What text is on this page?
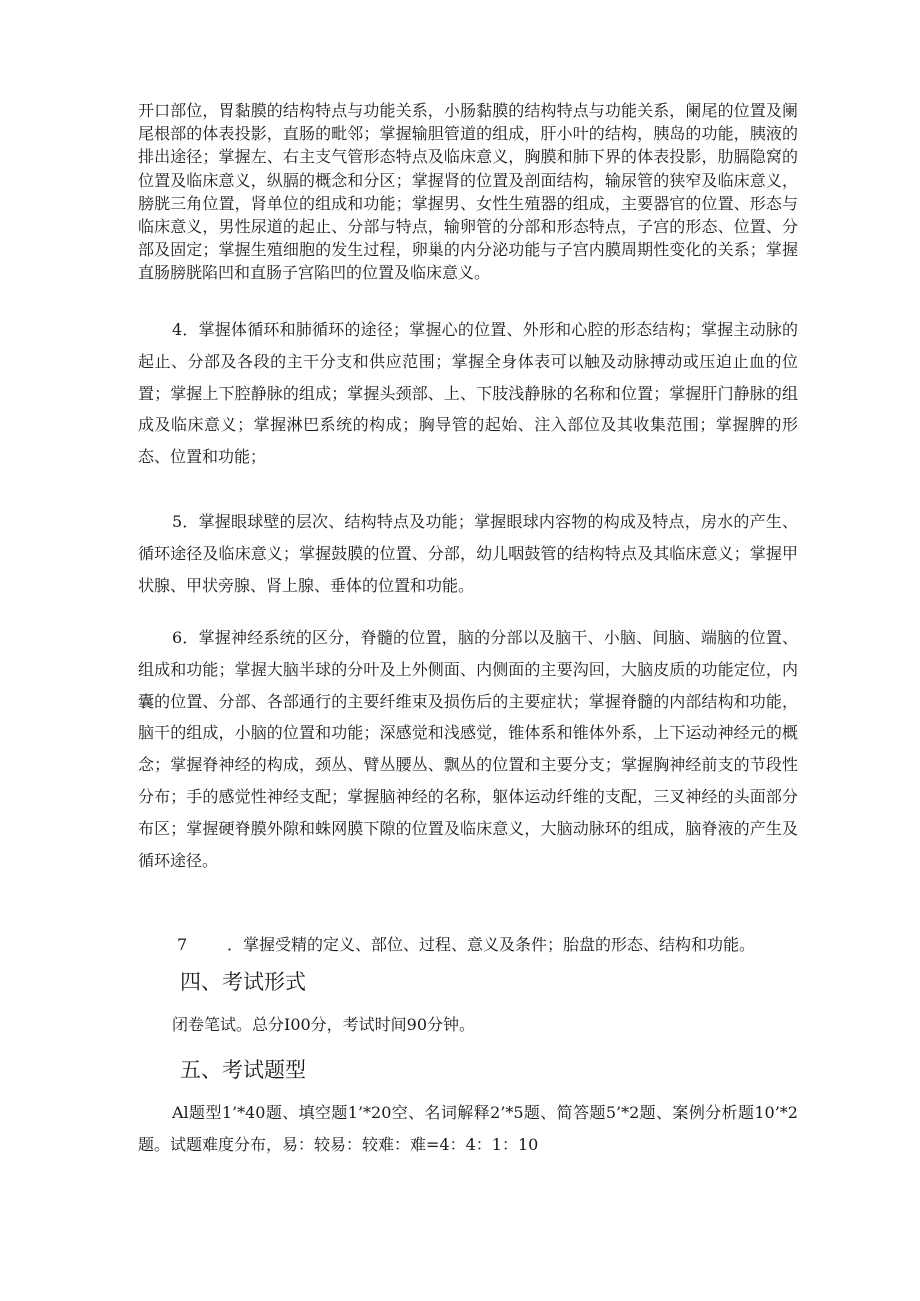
开口部位，胃黏膜的结构特点与功能关系，小肠黏膜的结构特点与功能关系，阑尾的位置及阑尾根部的体表投影，直肠的毗邻；掌握输胆管道的组成，肝小叶的结构，胰岛的功能，胰液的排出途径；掌握左、右主支气管形态特点及临床意义，胸膜和肺下界的体表投影，肋膈隐窝的位置及临床意义，纵膈的概念和分区；掌握肾的位置及剖面结构，输尿管的狭窄及临床意义，膀胱三角位置，肾单位的组成和功能；掌握男、女性生殖器的组成，主要器官的位置、形态与临床意义，男性尿道的起止、分部与特点，输卵管的分部和形态特点，子宫的形态、位置、分部及固定；掌握生殖细胞的发生过程，卵巢的内分泌功能与子宫内膜周期性变化的关系；掌握直肠膀胱陷凹和直肠子宫陷凹的位置及临床意义。

4．掌握体循环和肺循环的途径；掌握心的位置、外形和心腔的形态结构；掌握主动脉的起止、分部及各段的主干分支和供应范围；掌握全身体表可以触及动脉搏动或压迫止血的位置；掌握上下腔静脉的组成；掌握头颈部、上、下肢浅静脉的名称和位置；掌握肝门静脉的组成及临床意义；掌握淋巴系统的构成；胸导管的起始、注入部位及其收集范围；掌握脾的形态、位置和功能；

5．掌握眼球壁的层次、结构特点及功能；掌握眼球内容物的构成及特点，房水的产生、循环途径及临床意义；掌握鼓膜的位置、分部，幼儿咽鼓管的结构特点及其临床意义；掌握甲状腺、甲状旁腺、肾上腺、垂体的位置和功能。

6．掌握神经系统的区分，脊髓的位置，脑的分部以及脑干、小脑、间脑、端脑的位置、组成和功能；掌握大脑半球的分叶及上外侧面、内侧面的主要沟回，大脑皮质的功能定位，内囊的位置、分部、各部通行的主要纤维束及损伤后的主要症状；掌握脊髓的内部结构和功能，脑干的组成，小脑的位置和功能；深感觉和浅感觉，锥体系和锥体外系，上下运动神经元的概念；掌握脊神经的构成，颈丛、臂丛腰丛、飘丛的位置和主要分支；掌握胸神经前支的节段性分布；手的感觉性神经支配；掌握脑神经的名称，躯体运动纤维的支配，三叉神经的头面部分布区；掌握硬脊膜外隙和蛛网膜下隙的位置及临床意义，大脑动脉环的组成，脑脊液的产生及循环途径。

7 ．掌握受精的定义、部位、过程、意义及条件；胎盘的形态、结构和功能。

四、考试形式

闭卷笔试。总分I00分，考试时间90分钟。

五、考试题型

Al题型1’*40题、填空题1’*20空、名词解释2’*5题、简答题5’*2题、案例分析题10’*2题。试题难度分布，易：较易：较难：难=4：4：1：10
